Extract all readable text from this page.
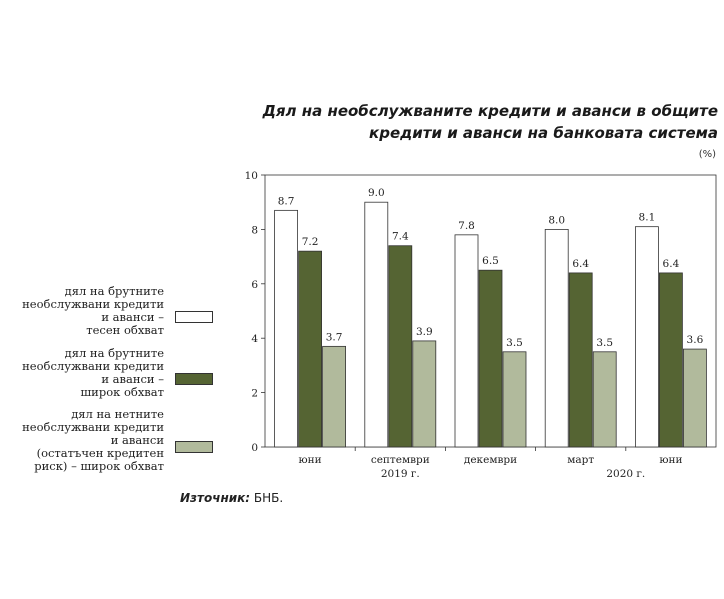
Дял на необслужваните кредити и аванси в общите
кредити и аванси на банковата система
(%)
0
2
4
6
8
10
8.7
7.2
3.7
юни
9.0
7.4
3.9
септември
7.8
6.5
3.5
декември
8.0
6.4
3.5
март
8.1
6.4
3.6
юни
2019 г.	2020 г.
дял на брутните
необслужвани кредити
и аванси –
тесен обхват
дял на брутните
необслужвани кредити
и аванси –
широк обхват
дял на нетните
необслужвани кредити
и аванси
(остатъчен кредитен
риск) – широк обхват
Източник: БНБ.
